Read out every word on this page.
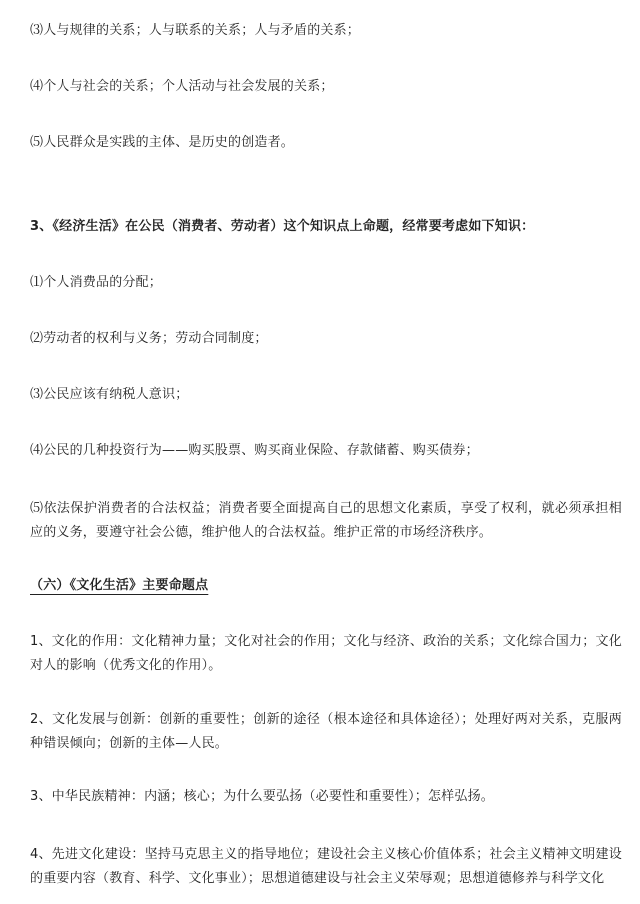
⑶人与规律的关系；人与联系的关系；人与矛盾的关系；
⑷个人与社会的关系；个人活动与社会发展的关系；
⑸人民群众是实践的主体、是历史的创造者。
3、《经济生活》在公民（消费者、劳动者）这个知识点上命题，经常要考虑如下知识：
⑴个人消费品的分配；
⑵劳动者的权利与义务；劳动合同制度；
⑶公民应该有纳税人意识；
⑷公民的几种投资行为——购买股票、购买商业保险、存款储蓄、购买债券；
⑸依法保护消费者的合法权益；消费者要全面提高自己的思想文化素质，享受了权利，就必须承担相应的义务，要遵守社会公德，维护他人的合法权益。维护正常的市场经济秩序。
（六）《文化生活》主要命题点
1、文化的作用：文化精神力量；文化对社会的作用；文化与经济、政治的关系；文化综合国力；文化对人的影响（优秀文化的作用）。
2、文化发展与创新：创新的重要性；创新的途径（根本途径和具体途径）；处理好两对关系，克服两种错误倾向；创新的主体—人民。
3、中华民族精神：内涵；核心；为什么要弘扬（必要性和重要性）；怎样弘扬。
4、先进文化建设：坚持马克思主义的指导地位；建设社会主义核心价值体系；社会主义精神文明建设的重要内容（教育、科学、文化事业）；思想道德建设与社会主义荣辱观；思想道德修养与科学文化
